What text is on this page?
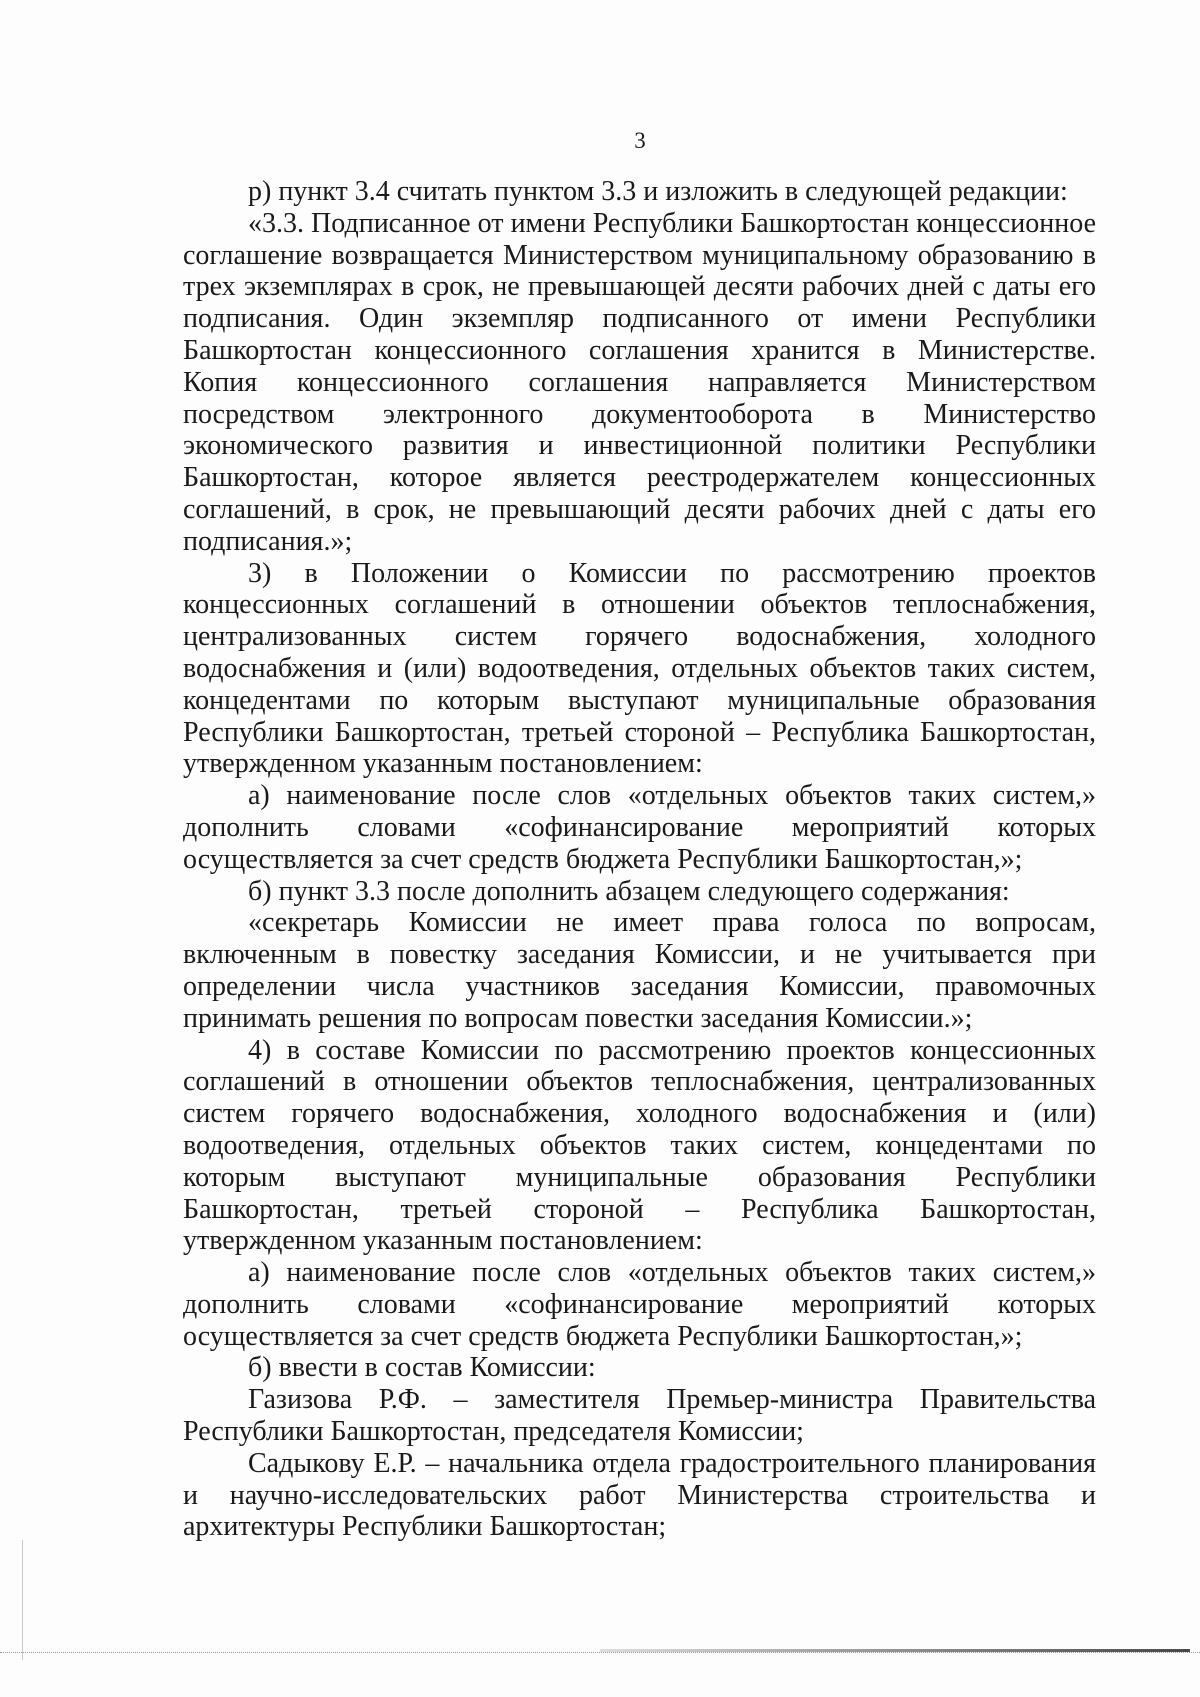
3

р) пункт 3.4 считать пунктом 3.3 и изложить в следующей редакции:

«3.3. Подписанное от имени Республики Башкортостан концессионное соглашение возвращается Министерством муниципальному образованию в трех экземплярах в срок, не превышающей десяти рабочих дней с даты его подписания. Один экземпляр подписанного от имени Республики Башкортостан концессионного соглашения хранится в Министерстве. Копия концессионного соглашения направляется Министерством посредством электронного документооборота в Министерство экономического развития и инвестиционной политики Республики Башкортостан, которое является реестродержателем концессионных соглашений, в срок, не превышающий десяти рабочих дней с даты его подписания.»;

3) в Положении о Комиссии по рассмотрению проектов концессионных соглашений в отношении объектов теплоснабжения, централизованных систем горячего водоснабжения, холодного водоснабжения и (или) водоотведения, отдельных объектов таких систем, концедентами по которым выступают муниципальные образования Республики Башкортостан, третьей стороной – Республика Башкортостан, утвержденном указанным постановлением:

а) наименование после слов «отдельных объектов таких систем,» дополнить словами «софинансирование мероприятий которых осуществляется за счет средств бюджета Республики Башкортостан,»;

б) пункт 3.3 после дополнить абзацем следующего содержания:

«секретарь Комиссии не имеет права голоса по вопросам, включенным в повестку заседания Комиссии, и не учитывается при определении числа участников заседания Комиссии, правомочных принимать решения по вопросам повестки заседания Комиссии.»;

4) в составе Комиссии по рассмотрению проектов концессионных соглашений в отношении объектов теплоснабжения, централизованных систем горячего водоснабжения, холодного водоснабжения и (или) водоотведения, отдельных объектов таких систем, концедентами по которым выступают муниципальные образования Республики Башкортостан, третьей стороной – Республика Башкортостан, утвержденном указанным постановлением:

а) наименование после слов «отдельных объектов таких систем,» дополнить словами «софинансирование мероприятий которых осуществляется за счет средств бюджета Республики Башкортостан,»;

б) ввести в состав Комиссии:

Газизова Р.Ф. – заместителя Премьер-министра Правительства Республики Башкортостан, председателя Комиссии;

Садыкову Е.Р. – начальника отдела градостроительного планирования и научно-исследовательских работ Министерства строительства и архитектуры Республики Башкортостан;
